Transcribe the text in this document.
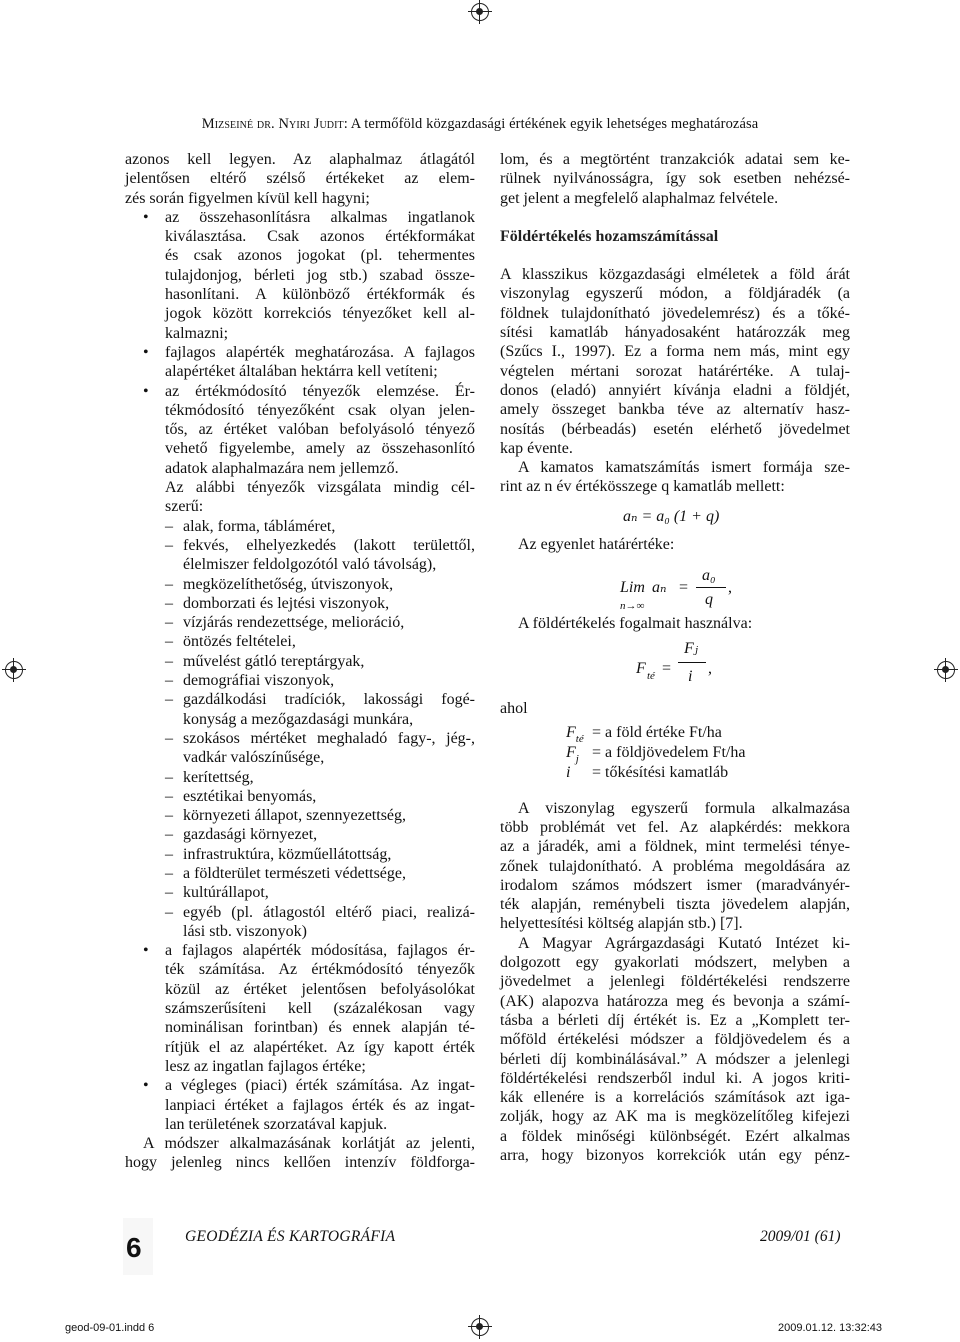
Mizseiné dr. Nyiri Judit: A termőföld közgazdasági értékének egyik lehetséges meghatározása
azonos kell legyen. Az alaphalmaz átlagától
jelentősen eltérő szélső értékeket az elem-
zés során figyelmen kívül kell hagyni;
•	az összehasonlításra alkalmas ingatlanok
kiválasztása. Csak azonos értékformákat
és csak azonos jogokat (pl. tehermentes
tulajdonjog, bérleti jog stb.) szabad össze-
hasonlítani. A különböző értékformák és
jogok között korrekciós tényezőket kell al-
kalmazni;
•	fajlagos alapérték meghatározása. A fajlagos
alapértéket általában hektárra kell vetíteni;
•	az értékmódosító tényezők elemzése. Ér-
tékmódosító tényezőként csak olyan jelen-
tős, az értéket valóban befolyásoló tényező
vehető figyelembe, amely az összehasonlító
adatok alaphalmazára nem jellemző.
Az alábbi tényezők vizsgálata mindig cél-
szerű:
– alak, forma, tábláméret,
– fekvés, elhelyezkedés (lakott területtől,
élelmiszer feldolgozótól való távolság),
– megközelíthetőség, útviszonyok,
– domborzati és lejtési viszonyok,
– vízjárás rendezettsége, melioráció,
– öntözés feltételei,
– művelést gátló tereptárgyak,
– demográfiai viszonyok,
– gazdálkodási tradíciók, lakossági fogé-
konyság a mezőgazdasági munkára,
– szokásos mértéket meghaladó fagy-, jég-,
vadkár valószínűsége,
– kerítettség,
– esztétikai benyomás,
– környezeti állapot, szennyezettség,
– gazdasági környezet,
– infrastruktúra, közműellátottság,
– a földterület természeti védettsége,
– kultúrállapot,
– egyéb (pl. átlagostól eltérő piaci, realizá-
lási stb. viszonyok)
•	a fajlagos alapérték módosítása, fajlagos ér-
ték számítása. Az értékmódosító tényezők
közül az értéket jelentősen befolyásolókat
számszerűsíteni kell (százalékosan vagy
nominálisan forintban) és ennek alapján té-
rítjük el az alapértéket. Az így kapott érték
lesz az ingatlan fajlagos értéke;
•	a végleges (piaci) érték számítása. Az ingat-
lanpiaci értéket a fajlagos érték és az ingat-
lan területének szorzatával kapjuk.
A módszer alkalmazásának korlátját az jelenti,
hogy jelenleg nincs kellően intenzív földforga-
lom, és a megtörtént tranzakciók adatai sem ke-
rülnek nyilvánosságra, így sok esetben nehézsé-
get jelent a megfelelő alaphalmaz felvétele.
Földértékelés hozamszámítással
A klasszikus közgazdasági elméletek a föld árát
viszonylag egyszerű módon, a földjáradék (a
földnek tulajdonítható jövedelemrész) és a tőké-
sítési kamatláb hányadosaként határozzák meg
(Szűcs I., 1997). Ez a forma nem más, mint egy
végtelen mértani sorozat határértéke. A tulaj-
donos (eladó) annyiért kívánja eladni a földjét,
amely összeget bankba téve az alternatív hasz-
nosítás (bérbeadás) esetén elérhető jövedelmet
kap évente.
A kamatos kamatszámítás ismert formája sze-
rint az n év értékösszege q kamatláb mellett:
aₙ = a₀ (1 + q)
Az egyenlet határértéke:
Lim
n→∞
aₙ =
a₀
q
,
A földértékelés fogalmait használva:
F té =
Fⱼ
i ,
ahol
$F_{té} = a$ föld értéke Ft/ha
$F_j = a$ földjövedelem Ft/ha
i = tőkésítési kamatláb
A viszonylag egyszerű formula alkalmazása
több problémát vet fel. Az alapkérdés: mekkora
az a járadék, ami a földnek, mint termelési ténye-
zőnek tulajdonítható. A probléma megoldására az
irodalom számos módszert ismer (maradványér-
ték alapján, reménybeli tiszta jövedelem alapján,
helyettesítési költség alapján stb.) [7].
A Magyar Agrárgazdasági Kutató Intézet ki-
dolgozott egy gyakorlati módszert, melyben a
jövedelmet a jelenlegi földértékelési rendszerre
(AK) alapozva határozza meg és bevonja a számí-
tásba a bérleti díj értékét is. Ez a „Komplett ter-
mőföld értékelési módszer a földjövedelem és a
bérleti díj kombinálásával.” A módszer a jelenlegi
földértékelési rendszerből indul ki. A jogos kriti-
kák ellenére is a korrelációs számítások azt iga-
zolják, hogy az AK ma is megközelítőleg kifejezi
a földek minőségi különbségét. Ezért alkalmas
arra, hogy bizonyos korrekciók után egy pénz-
6	GEODÉZIA ÉS KARTOGRÁFIA	2009/01 (61)
geod-09-01.indd 6	2009.01.12. 13:32:43
